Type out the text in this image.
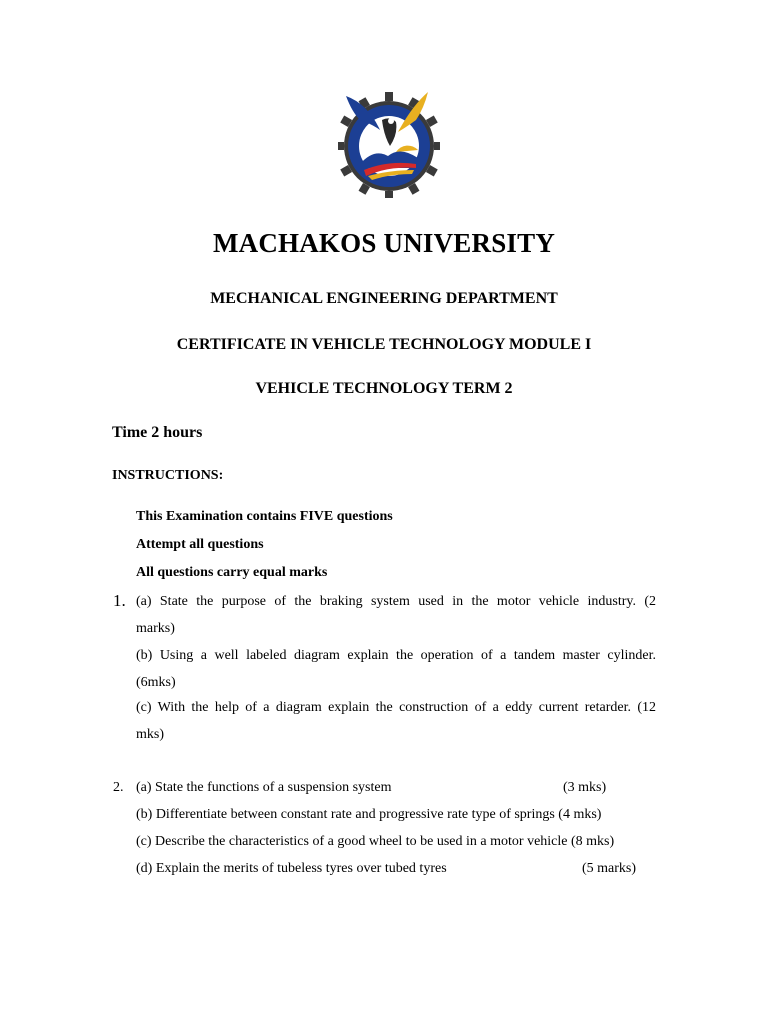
MACHAKOS UNIVERSITY
MECHANICAL ENGINEERING DEPARTMENT
CERTIFICATE IN VEHICLE TECHNOLOGY MODULE I
VEHICLE TECHNOLOGY TERM 2
Time 2 hours
INSTRUCTIONS:
This Examination contains FIVE questions
Attempt all questions
All questions carry equal marks
1. (a) State the purpose of the braking system used in the motor vehicle industry. (2
marks)
(b) Using a well labeled diagram explain the operation of a tandem master cylinder.
(6mks)
(c) With the help of a diagram explain the construction of a eddy current retarder. (12
mks)
2. (a) State the functions of a suspension system	(3 mks)
(b) Differentiate between constant rate and progressive rate type of springs (4 mks)
(c) Describe the characteristics of a good wheel to be used in a motor vehicle (8 mks)
(d) Explain the merits of tubeless tyres over tubed tyres	(5 marks)
